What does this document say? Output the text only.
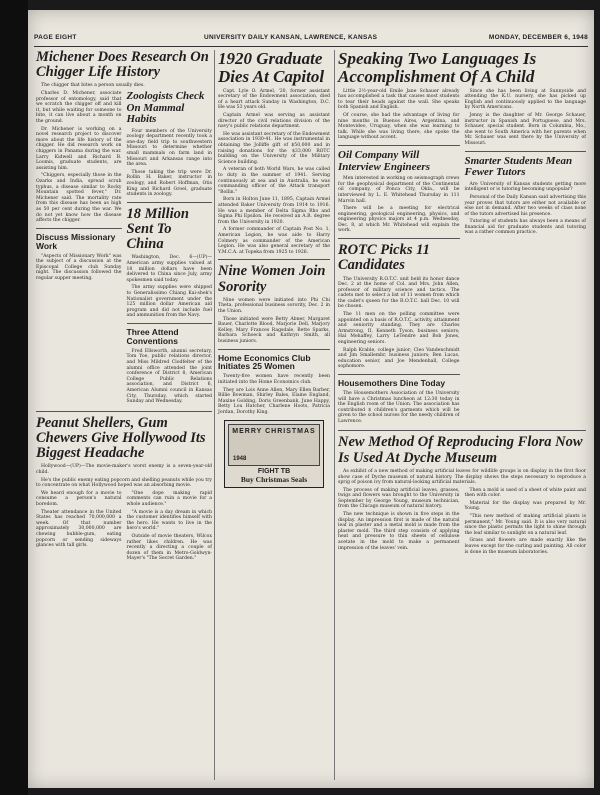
PAGE EIGHT	UNIVERSITY DAILY KANSAN, LAWRENCE, KANSAS	MONDAY, DECEMBER 6, 1948
Michener Does Research On Chigger Life History

The chigger that bites a person usually dies.

Charles D. Michener, associate professor of entomology, said that we scratch the chigger off and kill it, but while waiting for someone to bite, it can live about a month on the ground.

Dr. Michener is working on a novel research project to discover more about the life history of the chigger. He did research work on chiggers in Panama during the war. Larry Kidwell and Richard B. Loomis, graduate students, are assisting him.

"Chiggers, especially those in the Ozarks and India, spread scrub typhus, a disease similar to Rocky Mountain spotted fever," Dr. Michener said. The mortality rate from this disease has been as high as 50 per cent during the war. We do not yet know how the disease affects the chigger.

Discuss Missionary Work

"Aspects of Missionary Work" was the subject of a discussion at the Episcopal College club Sunday night. The discussion followed the regular supper meeting.

Zoologists Check On Mammal Habits

Four members of the University zoology department recently took a one-day field trip to southwestern Missouri to determine whether small mammals on farm land in Missouri and Arkansas range into the area.

Those taking the trip were Dr. Rollin H. Baker, instructor in zoology, and Robert Hoffman, Otis King and Richard Groel, graduate students in zoology.

18 Million Sent To China

Washington, Dec. 6—(UP)—American army supplies valued at 18 million dollars have been delivered to China since July, army spokesmen said today.

The army supplies were shipped to Generalissimo Chiang Kai-shek's Nationalist government under the 125 million dollar American aid program and did not include fuel and ammunition from the Navy.

Three Attend Conventions

Fred Ellsworth, alumni secretary, Tom Yoe, public relations director, and Miss Mildred Clodfelter of the alumni office attended the joint conference of District 8, American College Public Relations association, and District 6, American Alumni council in Kansas City, Thursday, which started Sunday and Wednesday.

Peanut Shellers, Gum Chewers Give Hollywood Its Biggest Headache

Hollywood—(UP)—The movie-maker's worst enemy is a seven-year-old child.

He's the public enemy eating popcorn and shelling peanuts while you try to concentrate on what Hollywood hoped was an absorbing movie.

We heard enough for a movie to consume a person's natural boredom.

Theater attendance in the United States has reached 70,000,000 a week. Of that number approximately 30,000,000 are chewing bubble-gum, eating popcorn or sending sideways glances with tall girls.

"One dope making rapid comments can ruin a movie for a whole audience."

"A movie is a day dream in which the customer identifies himself with the hero. He wants to live in the hero's world."

Outside of movie theaters, Wilcox rather likes children. He was recently a directing a couple of dozen of them in Metro-Goldwyn-Mayer's "The Secret Garden."

1920 Graduate Dies At Capitol

Capt. Lyle O. Armel, '20, former assistant secretary of the Endowment association, died of a heart attack Sunday in Washington, D.C. He was 53 years old.

Captain Armel was serving as assistant director of the civil relations division of the navy's public relations department.

He was assistant secretary of the Endowment association in 1930-41. He was instrumental in obtaining the Jolliffe gift of $50,000 and in raising donations for the $33,000 ROTC building on the University of the Military Science building.

A veteran of both World Wars, he was called to duty in the summer of 1941. Serving continuously at sea and in Australia, he was commanding officer of the Attack transport "Bollin."

Born in Holton June 11, 1895, Captain Armel attended Baker University from 1914 to 1916. He was a member of Delta Sigma Rho and Sigma Phi Epsilon. He received an A.B. degree from the University in 1920.

A former commander of Captain Post No. 1, American Legion, he was aide to Harry Colmery as commander of the American Legion. He was also general secretary of the Y.M.C.A. at Topeka from 1925 to 1926.

Nine Women Join Sorority

Nine women were initiated into Phi Chi Theta, professional business sorority, Dec. 2 in the Union.

Those initiated were Betty Abner, Margaret Bauer, Charlotte Blood, Marjorie Dell, Marjory Kelley, Mary Frances Ragsdale, Bette Sparks, Barbara Schoeck and Kathryn Smith, all business juniors.

Home Economics Club Initiates 25 Women

Twenty-five women have recently been initiated into the Home Economics club.

They are Lois Anne Allen, Mary Ellen Barber, Billie Bowman, Shirley Bales, Elaine England, Maxine Golding, Doris Greenbank, June Happy, Betty Lou Hatcher, Charlene Hoots, Patricia Jordan, Dorothy King.

MERRY CHRISTMAS
1948
FIGHT TB
Buy Christmas Seals
Speaking Two Languages Is Accomplishment Of A Child

Little 2½-year-old Emile Jane Schauer already has accomplished a task that causes most students to tear their heads against the wall. She speaks both Spanish and English.

Of course, she had the advantage of living for nine months in Buenos Aires, Argentina, and Montevideo, Uruguay, when she was learning to talk. While she was living there, she spoke the language without accent.

Oil Company Will Interview Engineers

Men interested in working on seismograph crews for the geophysical department of the Continental oil company, of Ponca City, Okla., will be interviewed by L. E. Whitehead Thursday in 111 Marvin hall.

There will be a meeting for electrical engineering, geological engineering, physics, and engineering physics majors at 4 p.m. Wednesday, Dec. 8, at which Mr. Whitehead will explain the work.

ROTC Picks 11 Candidates

The University R.O.T.C. unit held its honor dance Dec. 2 at the home of Col. and Mrs. John Allen, professor of military science and tactics. The cadets met to select a list of 11 women from which the cadet's queen for the R.O.T.C. ball Dec. 10 will be chosen.

The 11 men on the polling committee were appointed on a basis of R.O.T.C. activity, attainment and seniority standing. They are Charles Armstrong, II, Kenneth Tyson, business seniors; Hal Mehaffey, Larry LeTendre and Bob Jones, engineering seniors.

Ralph Krable, college junior; Cleo Vandenchmidt and Jim Smallembr, business juniors; Ben Lucas, education senior, and Joe Mendenhall, College sophomore.

Housemothers Dine Today

The Housemothers Association of the University will have a Christmas luncheon at 12:30 today in the English room of the Union. The association has contributed $ children's garments which will be given to the school nurses for the needy children of Lawrence.

Since she has been living at Sunnyside and attending the K.U. nursery, she has picked up English and continuously applied to the language by North Americans.

Jenny is the daughter of Mr. George Schauer, instructor in Spanish and Portuguese, and Mrs. Schauer, special student. Born in Columbia, Mo., she went to South America with her parents when Mr. Schauer was sent there by the University of Missouri.

Smarter Students Mean Fewer Tutors

Are University of Kansas students getting more intelligent or is tutoring becoming unpopular?

Personal of the Daily Kansan said advertising this year proves that tutors are either not available or else not in demand. After two weeks of class none of the tutors advertised his presence.

Tutoring of students has always been a means of financial aid for graduate students and tutoring was a rather common practice.

New Method Of Reproducing Flora Now Is Used At Dyche Museum

As exhibit of a new method of making artificial leaves for wildlife groups is on display in the first floor show case of Dyche museum of natural history. The display shows the steps necessary to reproduce a sprig of poison ivy from natural-looking artificial materials.

The process of making artificial leaves, grasses, twigs and flowers was brought to the University in September by George Young, museum technician, from the Chicago museum of natural history.

The new technique is shown in five steps in the display. An impression first is made of the natural leaf in plaster and a metal mold is made from the plaster mold. The third step consists of applying heat and pressure to thin sheets of cellulose acetate in the mold to make a permanent impression of the leaves' vein.

Then a mold is used of a sheet of white paint and then with color.

Material for the display was prepared by Mr. Young.

"This new method of making artificial plants is permanent," Mr. Young said. It is also very natural since the plastic permits the light to shine through the leaf similar to sunlight on a natural leaf.

Grass and flowers are made exactly like the leaves except for the curling and painting. All color is done in the museum laboratories.
